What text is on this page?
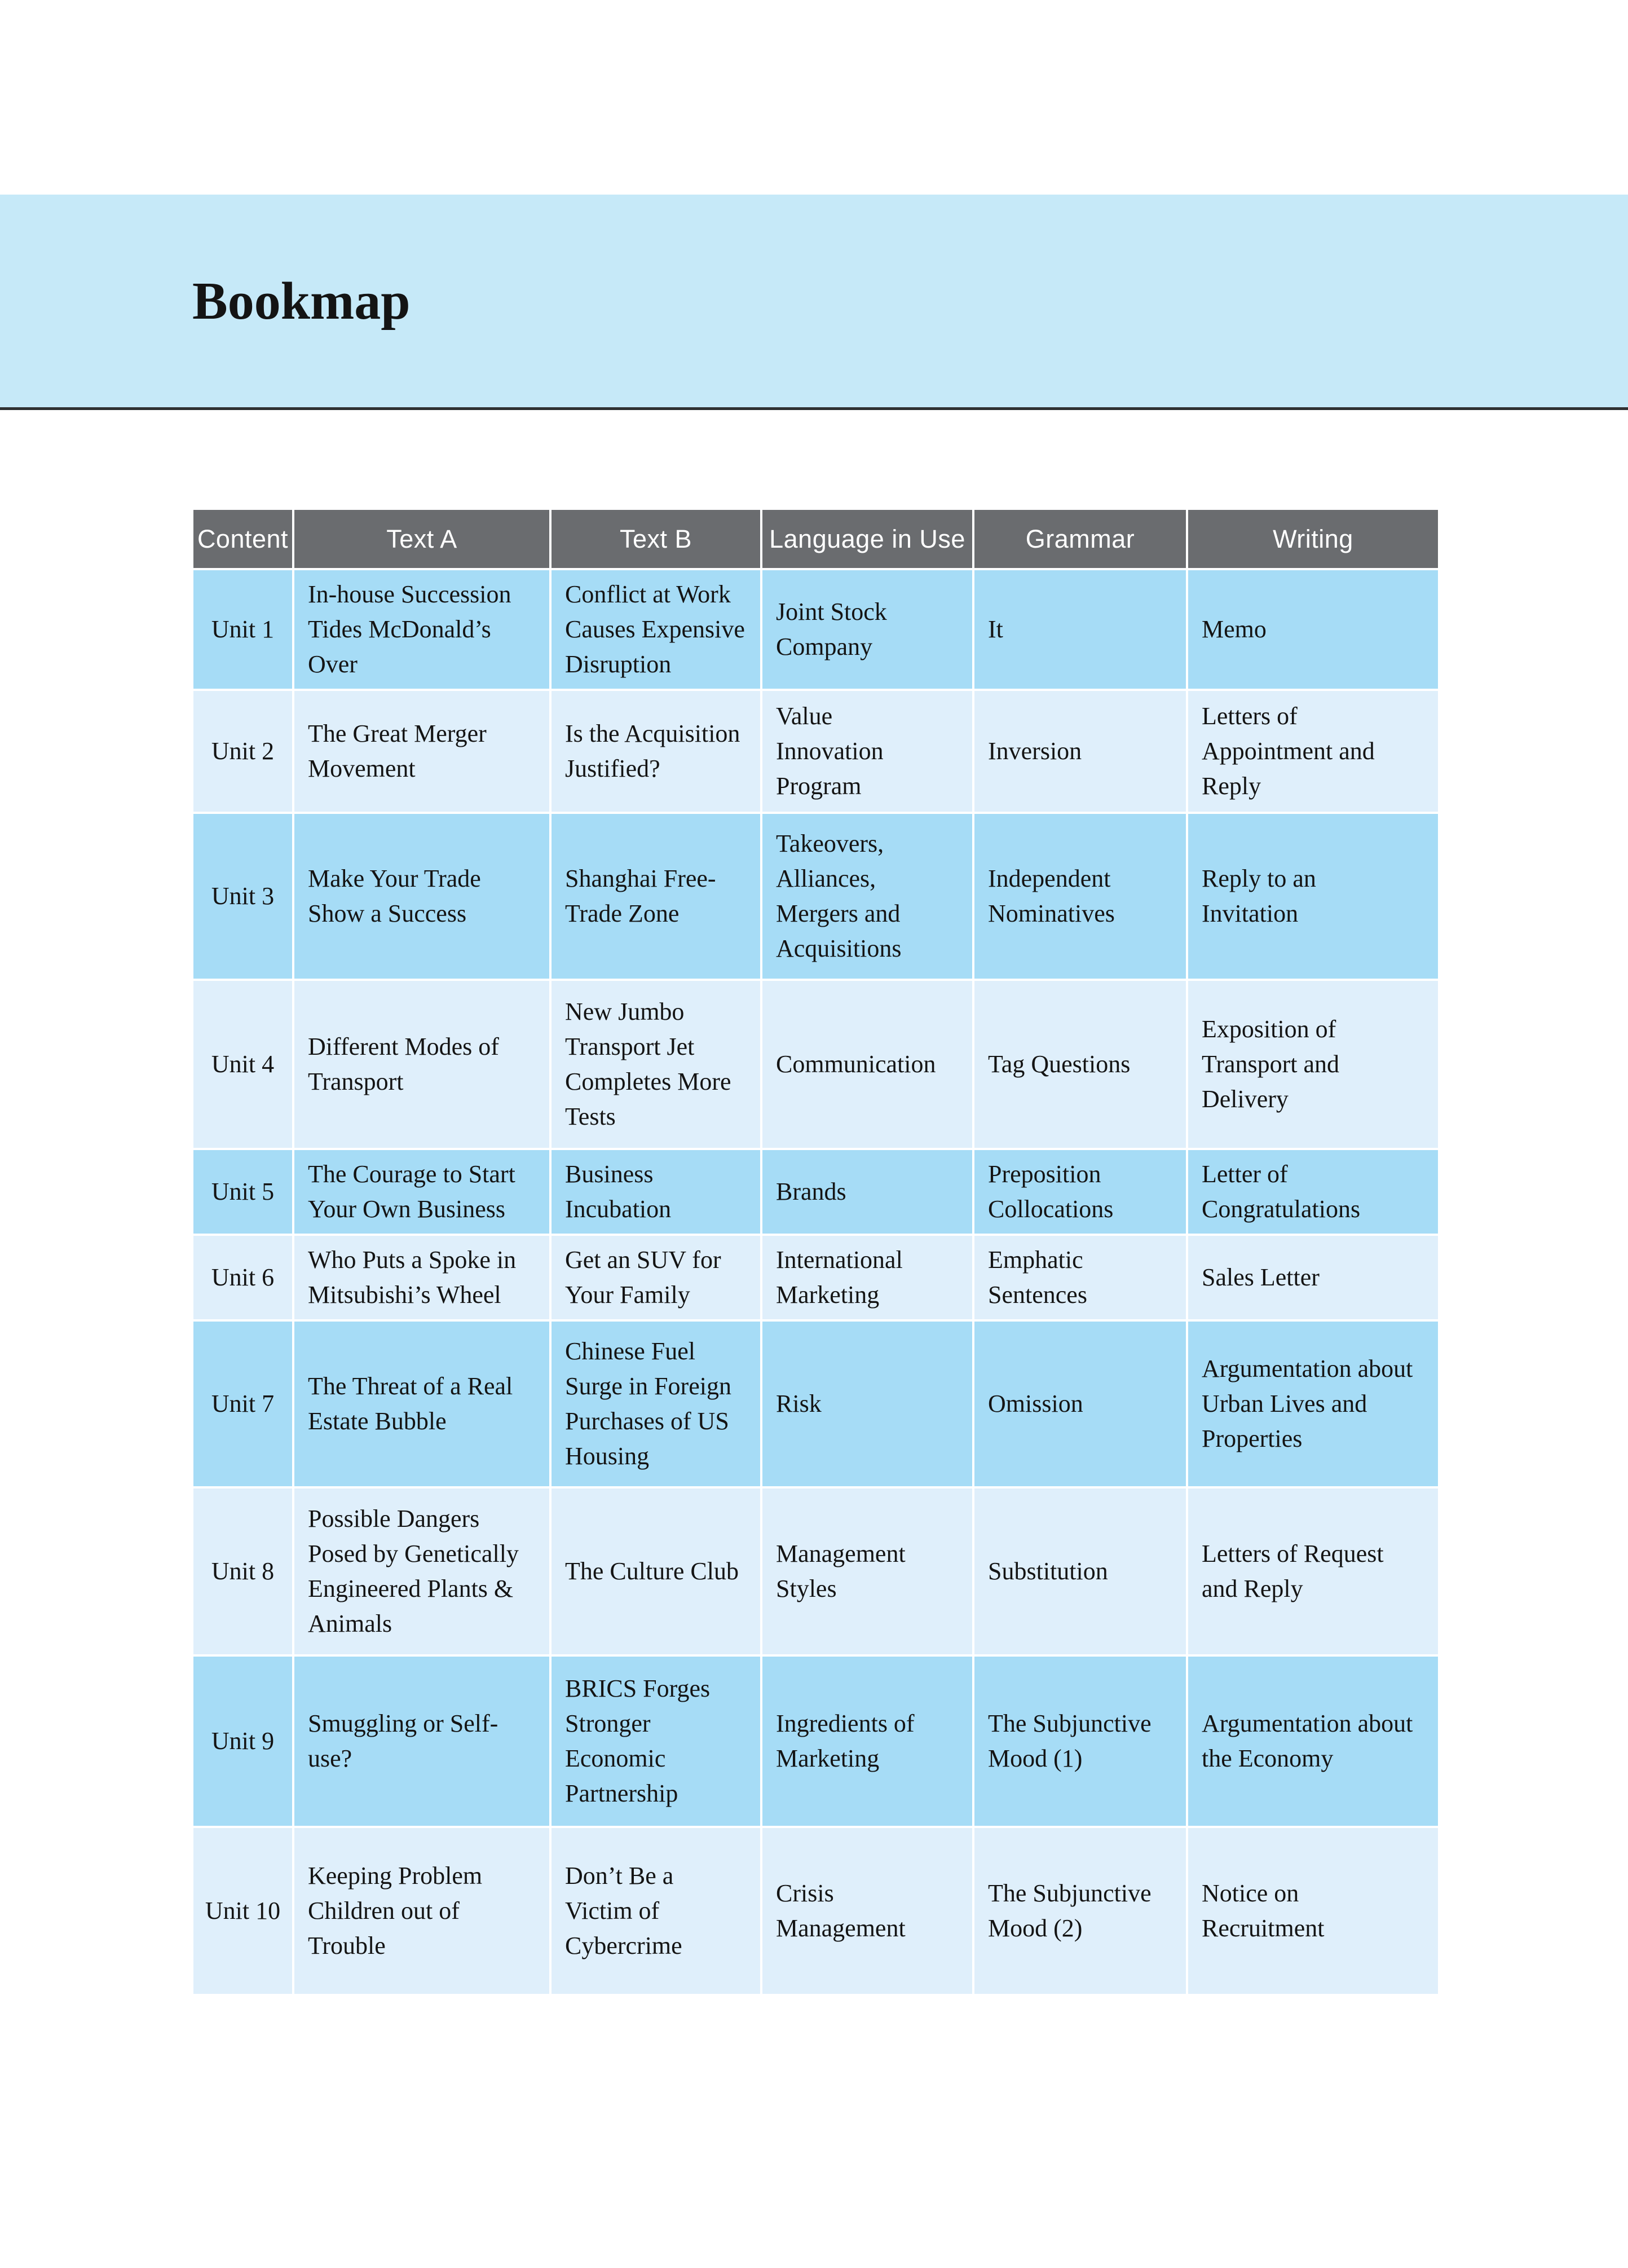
Bookmap
Content	Text A	Text B	Language in Use	Grammar	Writing
Unit 1	In-house Succession Tides McDonald’s Over	Conflict at Work Causes Expensive Disruption	Joint Stock Company	It	Memo
Unit 2	The Great Merger Movement	Is the Acquisition Justified?	Value Innovation Program	Inversion	Letters of Appointment and Reply
Unit 3	Make Your Trade Show a Success	Shanghai Free-Trade Zone	Takeovers, Alliances, Mergers and Acquisitions	Independent Nominatives	Reply to an Invitation
Unit 4	Different Modes of Transport	New Jumbo Transport Jet Completes More Tests	Communication	Tag Questions	Exposition of Transport and Delivery
Unit 5	The Courage to Start Your Own Business	Business Incubation	Brands	Preposition Collocations	Letter of Congratulations
Unit 6	Who Puts a Spoke in Mitsubishi’s Wheel	Get an SUV for Your Family	International Marketing	Emphatic Sentences	Sales Letter
Unit 7	The Threat of a Real Estate Bubble	Chinese Fuel Surge in Foreign Purchases of US Housing	Risk	Omission	Argumentation about Urban Lives and Properties
Unit 8	Possible Dangers Posed by Genetically Engineered Plants & Animals	The Culture Club	Management Styles	Substitution	Letters of Request and Reply
Unit 9	Smuggling or Self-use?	BRICS Forges Stronger Economic Partnership	Ingredients of Marketing	The Subjunctive Mood (1)	Argumentation about the Economy
Unit 10	Keeping Problem Children out of Trouble	Don’t Be a Victim of Cybercrime	Crisis Management	The Subjunctive Mood (2)	Notice on Recruitment
